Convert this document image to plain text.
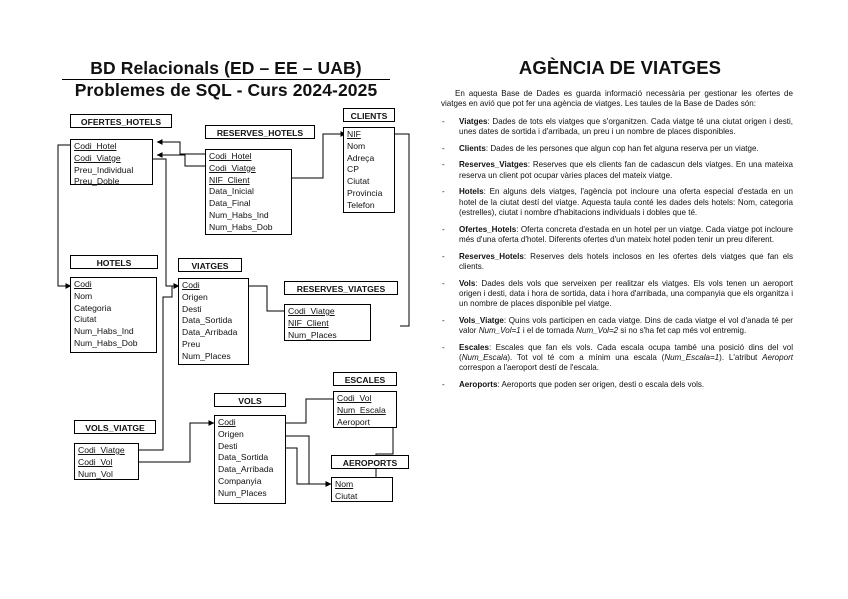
BD Relacionals (ED – EE – UAB)
Problemes de SQL - Curs 2024-2025
OFERTES_HOTELS
Codi_Hotel
Codi_Viatge
Preu_Individual
Preu_Doble
RESERVES_HOTELS
Codi_Hotel
Codi_Viatge
NIF_Client
Data_Inicial
Data_Final
Num_Habs_Ind
Num_Habs_Dob
CLIENTS
NIF
Nom
Adreça
CP
Ciutat
Provincia
Telefon
HOTELS
Codi
Nom
Categoria
Ciutat
Num_Habs_Ind
Num_Habs_Dob
VIATGES
Codi
Origen
Desti
Data_Sortida
Data_Arribada
Preu
Num_Places
RESERVES_VIATGES
Codi_Viatge
NIF_Client
Num_Places
ESCALES
Codi_Vol
Num_Escala
Aeroport
VOLS
Codi
Origen
Desti
Data_Sortida
Data_Arribada
Companyia
Num_Places
VOLS_VIATGE
Codi_Viatge
Codi_Vol
Num_Vol
AEROPORTS
Nom
Ciutat
AGÈNCIA DE VIATGES

En aquesta Base de Dades es guarda informació necessària per gestionar les ofertes de viatges en avió que pot fer una agència de viatges. Les taules de la Base de Dades són:

- Viatges: Dades de tots els viatges que s'organitzen. Cada viatge té una ciutat origen i desti, unes dates de sortida i d'arribada, un preu i un nombre de places disponibles.
- Clients: Dades de les persones que algun cop han fet alguna reserva per un viatge.
- Reserves_Viatges: Reserves que els clients fan de cadascun dels viatges. En una mateixa reserva un client pot ocupar vàries places del mateix viatge.
- Hotels: En alguns dels viatges, l'agència pot incloure una oferta especial d'estada en un hotel de la ciutat destí del viatge. Aquesta taula conté les dades dels hotels: Nom, categoria (estrelles), ciutat i nombre d'habitacions individuals i dobles que té.
- Ofertes_Hotels: Oferta concreta d'estada en un hotel per un viatge. Cada viatge pot incloure més d'una oferta d'hotel. Diferents ofertes d'un mateix hotel poden tenir un preu diferent.
- Reserves_Hotels: Reserves dels hotels inclosos en les ofertes dels viatges que fan els clients.
- Vols: Dades dels vols que serveixen per realitzar els viatges. Els vols tenen un aeroport origen i desti, data i hora de sortida, data i hora d'arribada, una companyia que els organitza i un nombre de places disponible pel viatge.
- Vols_Viatge: Quins vols participen en cada viatge. Dins de cada viatge el vol d'anada té per valor Num_Vol=1 i el de tornada Num_Vol=2 si no s'ha fet cap més vol entremig.
- Escales: Escales que fan els vols. Cada escala ocupa també una posició dins del vol (Num_Escala). Tot vol té com a mínim una escala (Num_Escala=1). L'atribut Aeroport correspon a l'aeroport destí de l'escala.
- Aeroports: Aeroports que poden ser origen, desti o escala dels vols.
